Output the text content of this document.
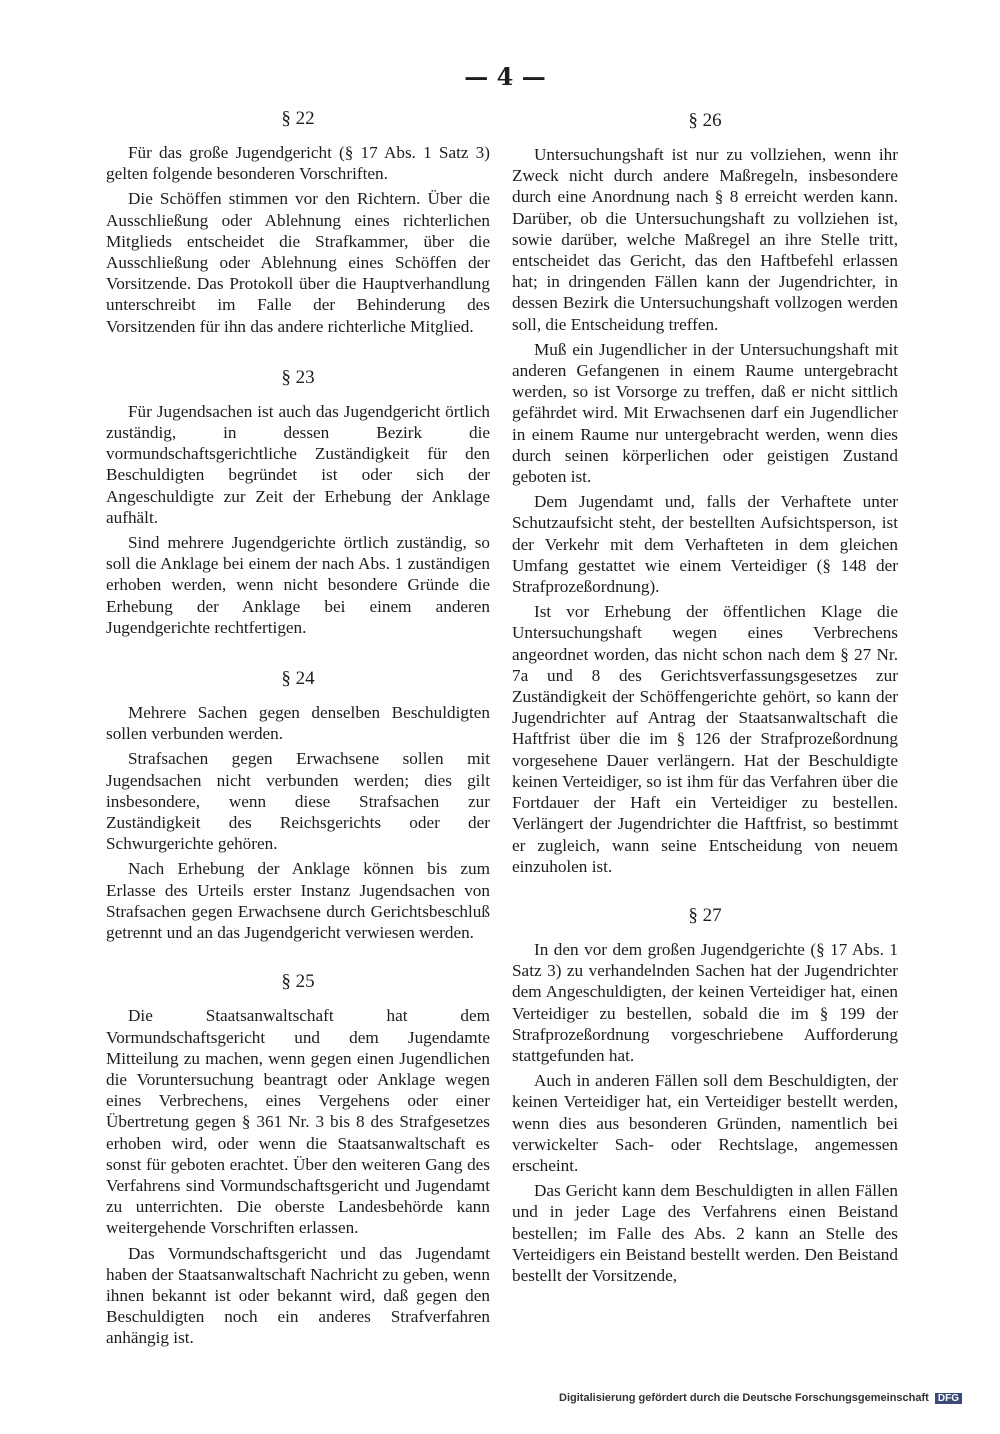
— 4 —
§ 22

Für das große Jugendgericht (§ 17 Abs. 1 Satz 3) gelten folgende besonderen Vorschriften.

Die Schöffen stimmen vor den Richtern. Über die Ausschließung oder Ablehnung eines richterlichen Mitglieds entscheidet die Strafkammer, über die Ausschließung oder Ablehnung eines Schöffen der Vorsitzende. Das Protokoll über die Hauptverhandlung unterschreibt im Falle der Behinderung des Vorsitzenden für ihn das andere richterliche Mitglied.

§ 23

Für Jugendsachen ist auch das Jugendgericht örtlich zuständig, in dessen Bezirk die vormundschaftsgerichtliche Zuständigkeit für den Beschuldigten begründet ist oder sich der Angeschuldigte zur Zeit der Erhebung der Anklage aufhält.

Sind mehrere Jugendgerichte örtlich zuständig, so soll die Anklage bei einem der nach Abs. 1 zuständigen erhoben werden, wenn nicht besondere Gründe die Erhebung der Anklage bei einem anderen Jugendgerichte rechtfertigen.

§ 24

Mehrere Sachen gegen denselben Beschuldigten sollen verbunden werden.

Strafsachen gegen Erwachsene sollen mit Jugendsachen nicht verbunden werden; dies gilt insbesondere, wenn diese Strafsachen zur Zuständigkeit des Reichsgerichts oder der Schwurgerichte gehören.

Nach Erhebung der Anklage können bis zum Erlasse des Urteils erster Instanz Jugendsachen von Strafsachen gegen Erwachsene durch Gerichtsbeschluß getrennt und an das Jugendgericht verwiesen werden.

§ 25

Die Staatsanwaltschaft hat dem Vormundschaftsgericht und dem Jugendamte Mitteilung zu machen, wenn gegen einen Jugendlichen die Voruntersuchung beantragt oder Anklage wegen eines Verbrechens, eines Vergehens oder einer Übertretung gegen § 361 Nr. 3 bis 8 des Strafgesetzes erhoben wird, oder wenn die Staatsanwaltschaft es sonst für geboten erachtet. Über den weiteren Gang des Verfahrens sind Vormundschaftsgericht und Jugendamt zu unterrichten. Die oberste Landesbehörde kann weitergehende Vorschriften erlassen.

Das Vormundschaftsgericht und das Jugendamt haben der Staatsanwaltschaft Nachricht zu geben, wenn ihnen bekannt ist oder bekannt wird, daß gegen den Beschuldigten noch ein anderes Strafverfahren anhängig ist.

§ 26

Untersuchungshaft ist nur zu vollziehen, wenn ihr Zweck nicht durch andere Maßregeln, insbesondere durch eine Anordnung nach § 8 erreicht werden kann. Darüber, ob die Untersuchungshaft zu vollziehen ist, sowie darüber, welche Maßregel an ihre Stelle tritt, entscheidet das Gericht, das den Haftbefehl erlassen hat; in dringenden Fällen kann der Jugendrichter, in dessen Bezirk die Untersuchungshaft vollzogen werden soll, die Entscheidung treffen.

Muß ein Jugendlicher in der Untersuchungshaft mit anderen Gefangenen in einem Raume untergebracht werden, so ist Vorsorge zu treffen, daß er nicht sittlich gefährdet wird. Mit Erwachsenen darf ein Jugendlicher in einem Raume nur untergebracht werden, wenn dies durch seinen körperlichen oder geistigen Zustand geboten ist.

Dem Jugendamt und, falls der Verhaftete unter Schutzaufsicht steht, der bestellten Aufsichtsperson, ist der Verkehr mit dem Verhafteten in dem gleichen Umfang gestattet wie einem Verteidiger (§ 148 der Strafprozeßordnung).

Ist vor Erhebung der öffentlichen Klage die Untersuchungshaft wegen eines Verbrechens angeordnet worden, das nicht schon nach dem § 27 Nr. 7a und 8 des Gerichtsverfassungsgesetzes zur Zuständigkeit der Schöffengerichte gehört, so kann der Jugendrichter auf Antrag der Staatsanwaltschaft die Haftfrist über die im § 126 der Strafprozeßordnung vorgesehene Dauer verlängern. Hat der Beschuldigte keinen Verteidiger, so ist ihm für das Verfahren über die Fortdauer der Haft ein Verteidiger zu bestellen. Verlängert der Jugendrichter die Haftfrist, so bestimmt er zugleich, wann seine Entscheidung von neuem einzuholen ist.

§ 27

In den vor dem großen Jugendgerichte (§ 17 Abs. 1 Satz 3) zu verhandelnden Sachen hat der Jugendrichter dem Angeschuldigten, der keinen Verteidiger hat, einen Verteidiger zu bestellen, sobald die im § 199 der Strafprozeßordnung vorgeschriebene Aufforderung stattgefunden hat.

Auch in anderen Fällen soll dem Beschuldigten, der keinen Verteidiger hat, ein Verteidiger bestellt werden, wenn dies aus besonderen Gründen, namentlich bei verwickelter Sach- oder Rechtslage, angemessen erscheint.

Das Gericht kann dem Beschuldigten in allen Fällen und in jeder Lage des Verfahrens einen Beistand bestellen; im Falle des Abs. 2 kann an Stelle des Verteidigers ein Beistand bestellt werden. Den Beistand bestellt der Vorsitzende,

Digitalisierung gefördert durch die Deutsche Forschungsgemeinschaft DFG
